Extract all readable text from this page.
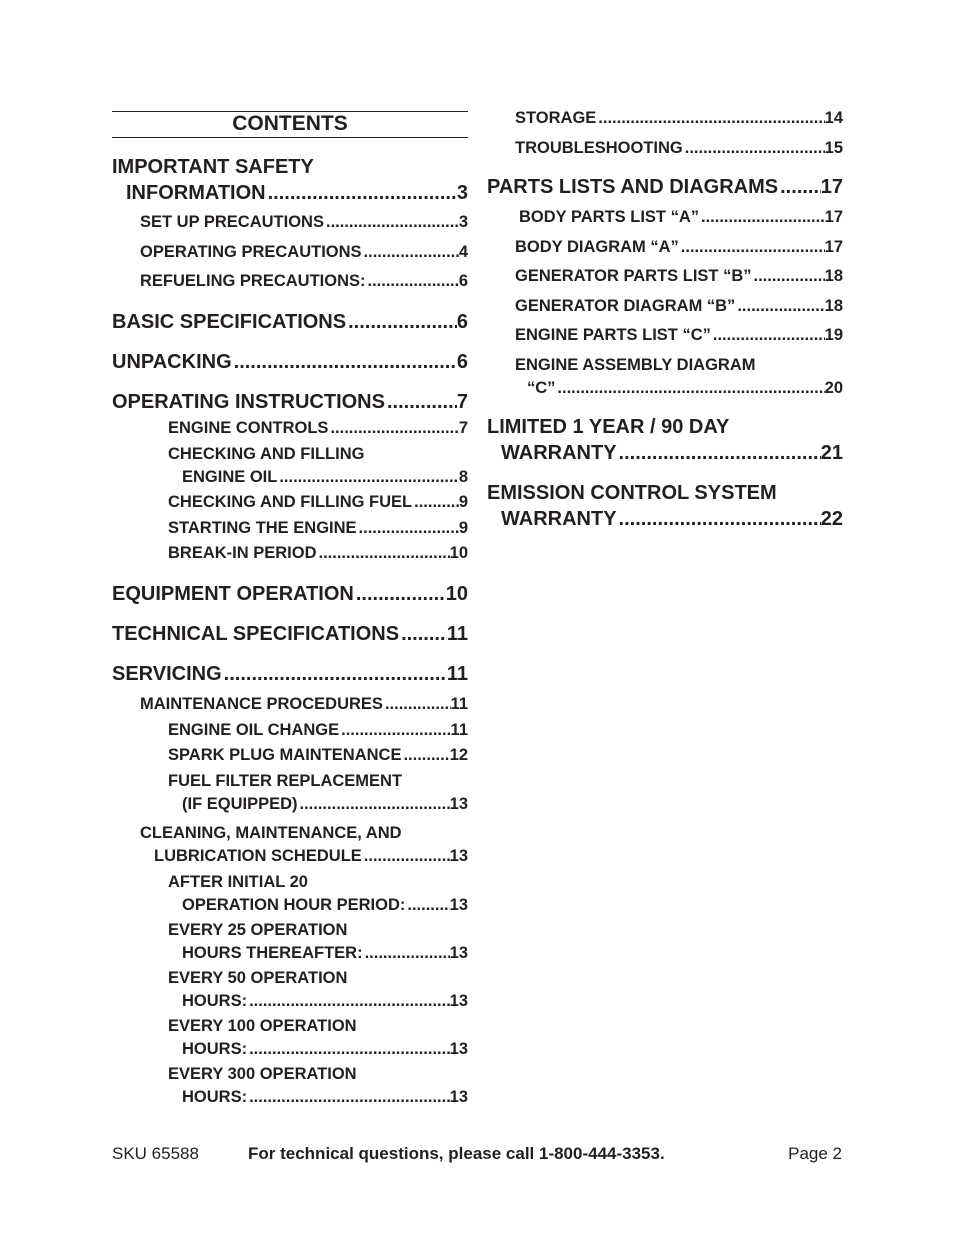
CONTENTS
IMPORTANT SAFETY
INFORMATION .....	3
SET UP PRECAUTIONS .....	3
OPERATING PRECAUTIONS .....	4
REFUELING PRECAUTIONS: .....	6
BASIC SPECIFICATIONS .....	6
UNPACKING .....	6
OPERATING INSTRUCTIONS .....	7
ENGINE CONTROLS .....	7
CHECKING AND FILLING
ENGINE OIL .....	8
CHECKING AND FILLING FUEL .....	9
STARTING THE ENGINE .....	9
BREAK-IN PERIOD .....	10
EQUIPMENT OPERATION .....	10
TECHNICAL SPECIFICATIONS ..... 11
SERVICING .....	11
MAINTENANCE PROCEDURES .....	11
ENGINE OIL CHANGE .....	11
SPARK PLUG MAINTENANCE .....	12
FUEL FILTER REPLACEMENT
(IF EQUIPPED) .....	13
CLEANING, MAINTENANCE, AND
LUBRICATION SCHEDULE .....	13
AFTER INITIAL 20
OPERATION HOUR PERIOD: .....	13
EVERY 25 OPERATION
HOURS THEREAFTER: .....	13
EVERY 50 OPERATION
HOURS: .....	13
EVERY 100 OPERATION
HOURS: .....	13
EVERY 300 OPERATION
HOURS: .....	13
STORAGE .....	14
TROUBLESHOOTING .....	15
PARTS LISTS AND DIAGRAMS ..... 17
BODY PARTS LIST “A” .....	17
BODY DIAGRAM “A” .....	17
GENERATOR PARTS LIST “B” .....	18
GENERATOR DIAGRAM “B” .....	18
ENGINE PARTS LIST “C” .....	19
ENGINE ASSEMBLY DIAGRAM
“C” .....	20
LIMITED 1 YEAR / 90 DAY
WARRANTY .....	21
EMISSION CONTROL SYSTEM
WARRANTY .....	22
SKU 65588	For technical questions, please call 1-800-444-3353.	Page 2
